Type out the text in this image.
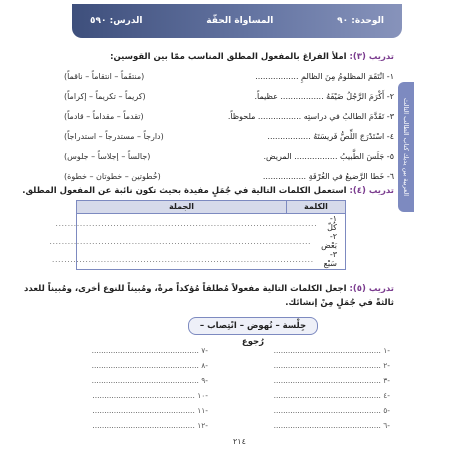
الوحدة: ٩٠
المساواة الحقّة
الدرس: ٥٩٠
العربية بين يديك كتاب الطالب الثالث
تدريب (٣): املأ الفراغ بالمفعول المطلق المناسب ممّا بين القوسين:
١- انْتَقَمَ المظلومُ مِنَ الظالمِ .................
(منتقَماً – انتقاماً – ناقماً)
٢- أَكْرَمَ الرَّجُلُ ضَيْفَهُ ................. عظيماً.
(كريماً – تكريماً – إكراماً)
٣- تَقَدَّمَ الطالبُ في دراستِه ................. ملحوظاً.
(تقدماً – مقداماً – قادماً)
٤- اسْتَدْرَجَ اللِّصُّ فَريسَتَهُ .................
(دارجاً – مستدرجاً – استدراجاً)
٥- جَلَسَ الطَّبيبُ ................. المريض.
(جالساً – إجلاساً – جلوس)
٦- خَطا الرَّضيعُ في الغُرْفَةِ .................
(خُطوتين – خطوتان – خطوة)
تدريب (٤): استعمل الكلمات التالية في جُمَلٍ مفيدة بحيث تكون نائبة عن المفعول المطلق.
الكلمة
الجملة
١- كُلّ
......................................................................................
٢- بَعْض
......................................................................................
٣- سَبْع
......................................................................................
تدريب (٥): اجعل الكلمات التالية مفعولاً مُطلقاً مُؤكداً مرةً، ومُبيناً للنوع أخرى، ومُبيناً للعدد
ثالثةً في جُمَلٍ مِنْ إنشائك.
جِلْسة – نُهوض – انْتِصاب – رُجوع
-١ .............................................
-٢ .............................................
-٣ .............................................
-٤ .............................................
-٥ .............................................
-٦ .............................................
-٧ .............................................
-٨ .............................................
-٩ .............................................
-١٠ ...........................................
-١١ ...........................................
-١٢ ...........................................
٢١٤
